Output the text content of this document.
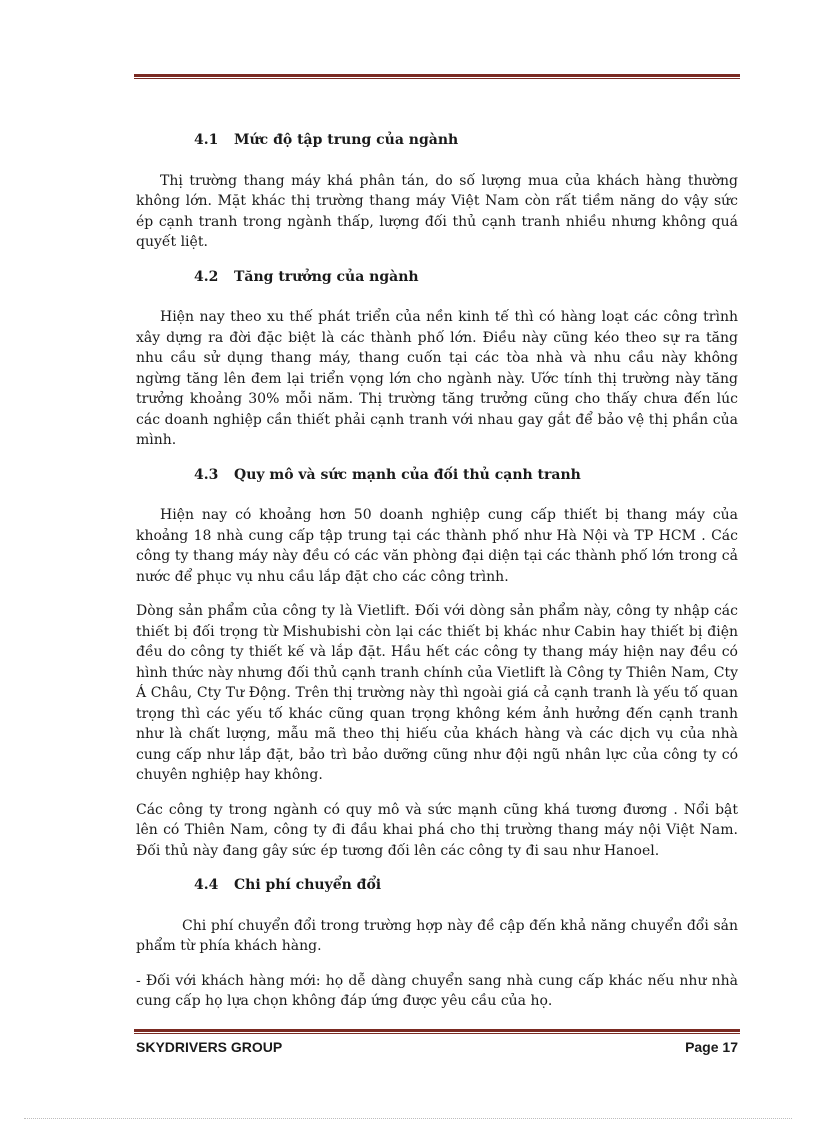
4.1 Mức độ tập trung của ngành

Thị trường thang máy khá phân tán, do số lượng mua của khách hàng thường không lớn. Mặt khác thị trường thang máy Việt Nam còn rất tiềm năng do vậy sức ép cạnh tranh trong ngành thấp, lượng đối thủ cạnh tranh nhiều nhưng không quá quyết liệt.

4.2 Tăng trưởng của ngành

Hiện nay theo xu thế phát triển của nền kinh tế thì có hàng loạt các công trình xây dựng ra đời đặc biệt là các thành phố lớn. Điều này cũng kéo theo sự ra tăng nhu cầu sử dụng thang máy, thang cuốn tại các tòa nhà và nhu cầu này không ngừng tăng lên đem lại triển vọng lớn cho ngành này. Ước tính thị trường này tăng trưởng khoảng 30% mỗi năm. Thị trường tăng trưởng cũng cho thấy chưa đến lúc các doanh nghiệp cần thiết phải cạnh tranh với nhau gay gắt để bảo vệ thị phần của mình.

4.3 Quy mô và sức mạnh của đối thủ cạnh tranh

Hiện nay có khoảng hơn 50 doanh nghiệp cung cấp thiết bị thang máy của khoảng 18 nhà cung cấp tập trung tại các thành phố như Hà Nội và TP HCM . Các công ty thang máy này đều có các văn phòng đại diện tại các thành phố lớn trong cả nước để phục vụ nhu cầu lắp đặt cho các công trình.

Dòng sản phẩm của công ty là Vietlift. Đối với dòng sản phẩm này, công ty nhập các thiết bị đối trọng từ Mishubishi còn lại các thiết bị khác như Cabin hay thiết bị điện đều do công ty thiết kế và lắp đặt. Hầu hết các công ty thang máy hiện nay đều có hình thức này nhưng đối thủ cạnh tranh chính của Vietlift là Công ty Thiên Nam, Cty Á Châu, Cty Tư Động. Trên thị trường này thì ngoài giá cả cạnh tranh là yếu tố quan trọng thì các yếu tố khác cũng quan trọng không kém ảnh hưởng đến cạnh tranh như là chất lượng, mẫu mã theo thị hiếu của khách hàng và các dịch vụ của nhà cung cấp như lắp đặt, bảo trì bảo dưỡng cũng như đội ngũ nhân lực của công ty có chuyên nghiệp hay không.

Các công ty trong ngành có quy mô và sức mạnh cũng khá tương đương . Nổi bật lên có Thiên Nam, công ty đi đầu khai phá cho thị trường thang máy nội Việt Nam. Đối thủ này đang gây sức ép tương đối lên các công ty đi sau như Hanoel.

4.4 Chi phí chuyển đổi

Chi phí chuyển đổi trong trường hợp này đề cập đến khả năng chuyển đổi sản phẩm từ phía khách hàng.

- Đối với khách hàng mới: họ dễ dàng chuyển sang nhà cung cấp khác nếu như nhà cung cấp họ lựa chọn không đáp ứng được yêu cầu của họ.

SKYDRIVERS GROUP	Page 17
